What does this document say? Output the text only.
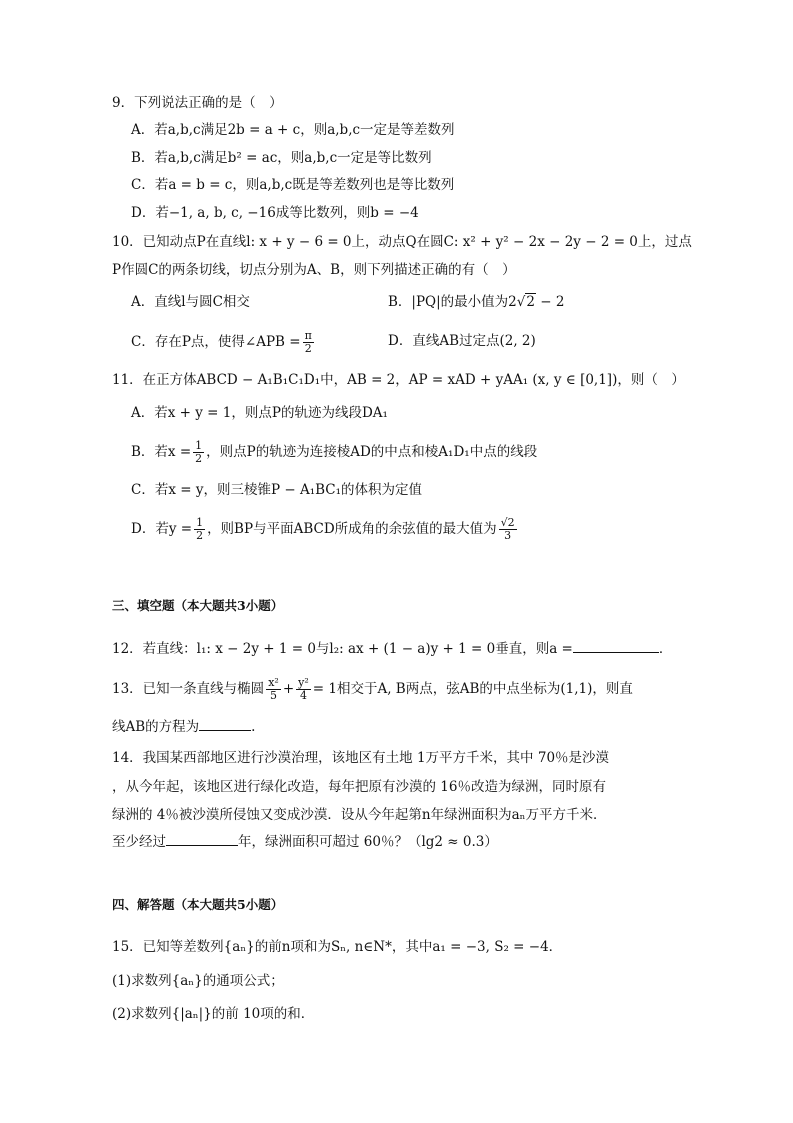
9．下列说法正确的是（　）
A．若a,b,c满足2b = a + c，则a,b,c一定是等差数列
B．若a,b,c满足b² = ac，则a,b,c一定是等比数列
C．若a = b = c，则a,b,c既是等差数列也是等比数列
D．若−1, a, b, c, −16成等比数列，则b = −4
10．已知动点P在直线l: x + y − 6 = 0上，动点Q在圆C: x² + y² − 2x − 2y − 2 = 0上，过点
P作圆C的两条切线，切点分别为A、B，则下列描述正确的有（　）
A．直线l与圆C相交	B．|PQ|的最小值为2√2 − 2
C．存在P点，使得∠APB = $\frac{\pi}{2}$	D．直线AB过定点(2, 2)
11．在正方体ABCD − A₁B₁C₁D₁中，AB = 2，AP = xAD + yAA₁ (x, y ∈ [0,1])，则（　）
A．若x + y = 1，则点P的轨迹为线段DA₁
B．若$x = \frac{1}{2}$ ，则点P的轨迹为连接棱AD的中点和棱A₁D₁中点的线段
C．若x = y，则三棱锥P − A₁BC₁的体积为定值
D．若$y = \frac{1}{2}$ ，则BP与平面ABCD所成角的余弦值的最大值为 $\frac{√2}{3}$
三、填空题（本大题共3小题）
12．若直线：l₁: x − 2y + 1 = 0与l₂: ax + (1 − a)y + 1 = 0垂直，则a =	．
13．已知一条直线与椭圆 $\frac{\text{x²}}{5} + \frac{\text{y²}}{4} = 1$相交于A, B两点，弦AB的中点坐标为(1,1)，则直
线AB的方程为	.
14．我国某西部地区进行沙漠治理，该地区有土地 1万平方千米，其中 70％是沙漠
，从今年起，该地区进行绿化改造，每年把原有沙漠的 16％改造为绿洲，同时原有
绿洲的 4％被沙漠所侵蚀又变成沙漠．设从今年起第n年绿洲面积为aₙ万平方千米．
至少经过	年，绿洲面积可超过 60％？（lg2 ≈ 0.3）
四、解答题（本大题共5小题）
15．已知等差数列{aₙ}的前n项和为Sₙ, n∈N*，其中a₁ = −3, S₂ = −4．
(1)求数列{aₙ}的通项公式；
(2)求数列{|aₙ|}的前 10项的和．
